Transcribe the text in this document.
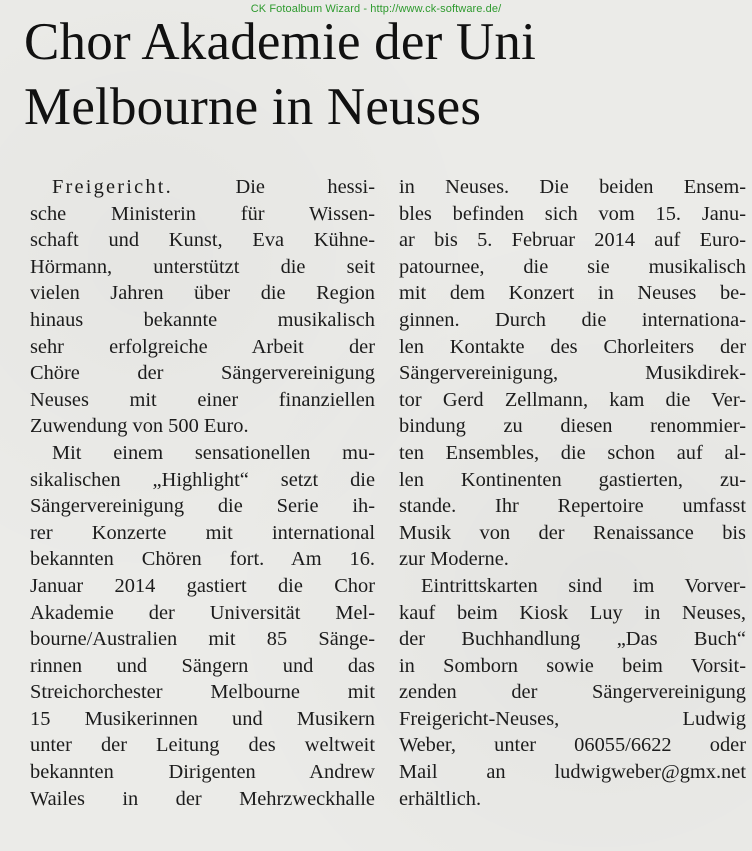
CK Fotoalbum Wizard - http://www.ck-software.de/
Chor Akademie der Uni
Melbourne in Neuses
Freigericht. Die hessi-
sche Ministerin für Wissen-
schaft und Kunst, Eva Kühne-
Hörmann, unterstützt die seit
vielen Jahren über die Region
hinaus bekannte musikalisch
sehr erfolgreiche Arbeit der
Chöre der Sängervereinigung
Neuses mit einer finanziellen
Zuwendung von 500 Euro.
Mit einem sensationellen mu-
sikalischen „Highlight“ setzt die
Sängervereinigung die Serie ih-
rer Konzerte mit international
bekannten Chören fort. Am 16.
Januar 2014 gastiert die Chor
Akademie der Universität Mel-
bourne/Australien mit 85 Sänge-
rinnen und Sängern und das
Streichorchester Melbourne mit
15 Musikerinnen und Musikern
unter der Leitung des weltweit
bekannten Dirigenten Andrew
Wailes in der Mehrzweckhalle
in Neuses. Die beiden Ensem-
bles befinden sich vom 15. Janu-
ar bis 5. Februar 2014 auf Euro-
patournee, die sie musikalisch
mit dem Konzert in Neuses be-
ginnen. Durch die internationa-
len Kontakte des Chorleiters der
Sängervereinigung, Musikdirek-
tor Gerd Zellmann, kam die Ver-
bindung zu diesen renommier-
ten Ensembles, die schon auf al-
len Kontinenten gastierten, zu-
stande. Ihr Repertoire umfasst
Musik von der Renaissance bis
zur Moderne.
Eintrittskarten sind im Vorver-
kauf beim Kiosk Luy in Neuses,
der Buchhandlung „Das Buch“
in Somborn sowie beim Vorsit-
zenden der Sängervereinigung
Freigericht-Neuses, Ludwig
Weber, unter 06055/6622 oder
Mail an ludwigweber@gmx.net
erhältlich.
